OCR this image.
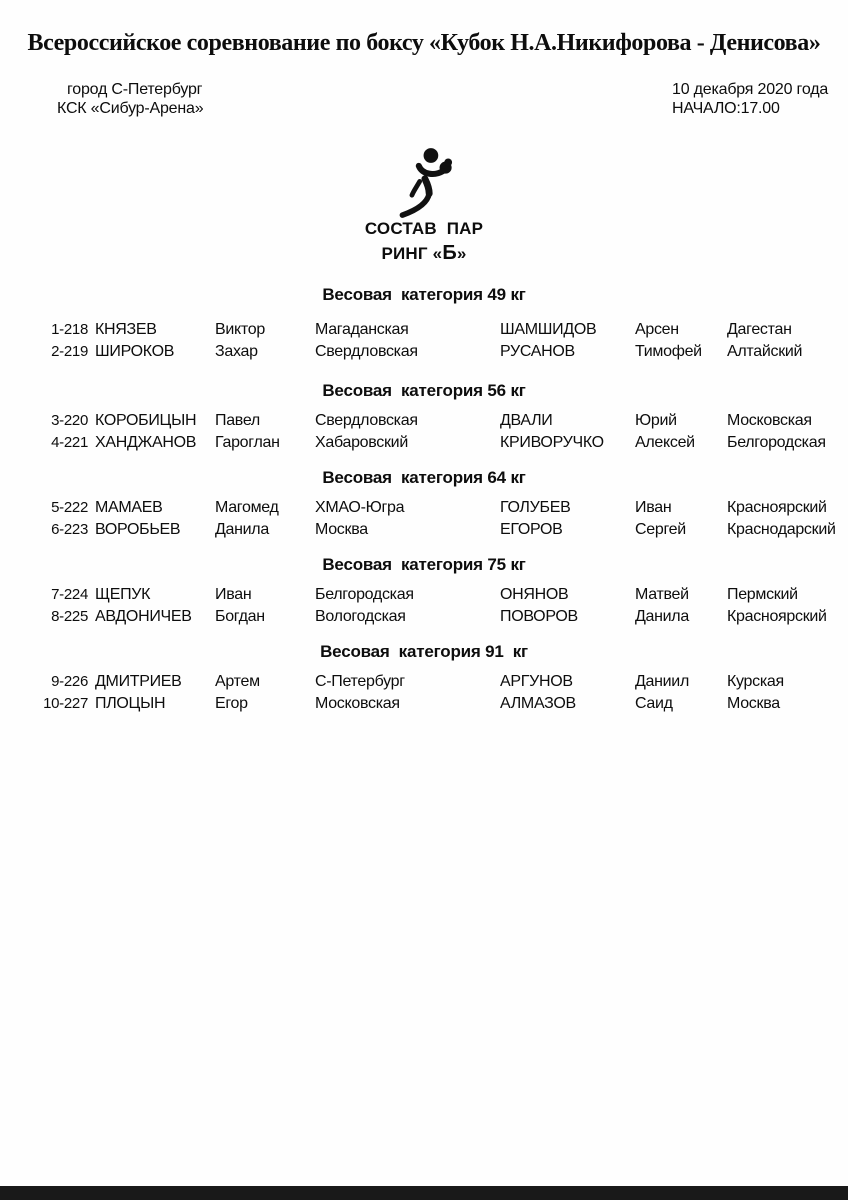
Всероссийское соревнование по боксу «Кубок Н.А.Никифорова - Денисова»
город С-Петербург
КСК «Сибур-Арена»
10 декабря 2020 года
НАЧАЛО:17.00
СОСТАВ  ПАР
РИНГ «Б»
Весовая  категория 49 кг
1-218 КНЯЗЕВ	Виктор	Магаданская	ШАМШИДОВ	Арсен	Дагестан
2-219 ШИРОКОВ	Захар	Свердловская	РУСАНОВ	Тимофей	Алтайский
Весовая  категория 56 кг
3-220 КОРОБИЦЫН	Павел	Свердловская	ДВАЛИ	Юрий	Московская
4-221 ХАНДЖАНОВ	Гароглан	Хабаровский	КРИВОРУЧКО	Алексей	Белгородская
Весовая  категория 64 кг
5-222 МАМАЕВ	Магомед	ХМАО-Югра	ГОЛУБЕВ	Иван	Красноярский
6-223 ВОРОБЬЕВ	Данила	Москва	ЕГОРОВ	Сергей	Краснодарский
Весовая  категория 75 кг
7-224 ЩЕПУК	Иван	Белгородская	ОНЯНОВ	Матвей	Пермский
8-225 АВДОНИЧЕВ	Богдан	Вологодская	ПОВОРОВ	Данила	Красноярский
Весовая  категория 91  кг
9-226 ДМИТРИЕВ	Артем	С-Петербург	АРГУНОВ	Даниил	Курская
10-227 ПЛОЦЫН	Егор	Московская	АЛМАЗОВ	Саид	Москва
